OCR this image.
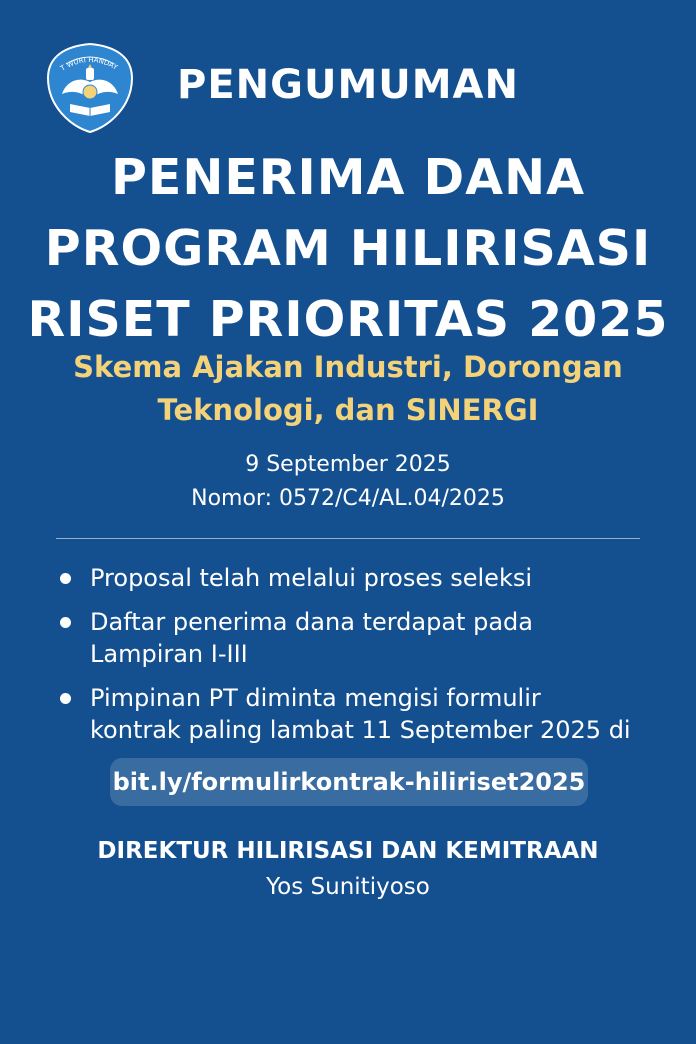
T WURI HANDAY	PENGUMUMAN
PENERIMA DANA
PROGRAM HILIRISASI
RISET PRIORITAS 2025
Skema Ajakan Industri, Dorongan
Teknologi, dan SINERGI
9 September 2025
Nomor: 0572/C4/AL.04/2025
Proposal telah melalui proses seleksi
Daftar penerima dana terdapat pada
Lampiran I-III
Pimpinan PT diminta mengisi formulir
kontrak paling lambat 11 September 2025 di
bit.ly/formulirkontrak-hiliriset2025
DIREKTUR HILIRISASI DAN KEMITRAAN
Yos Sunitiyoso
